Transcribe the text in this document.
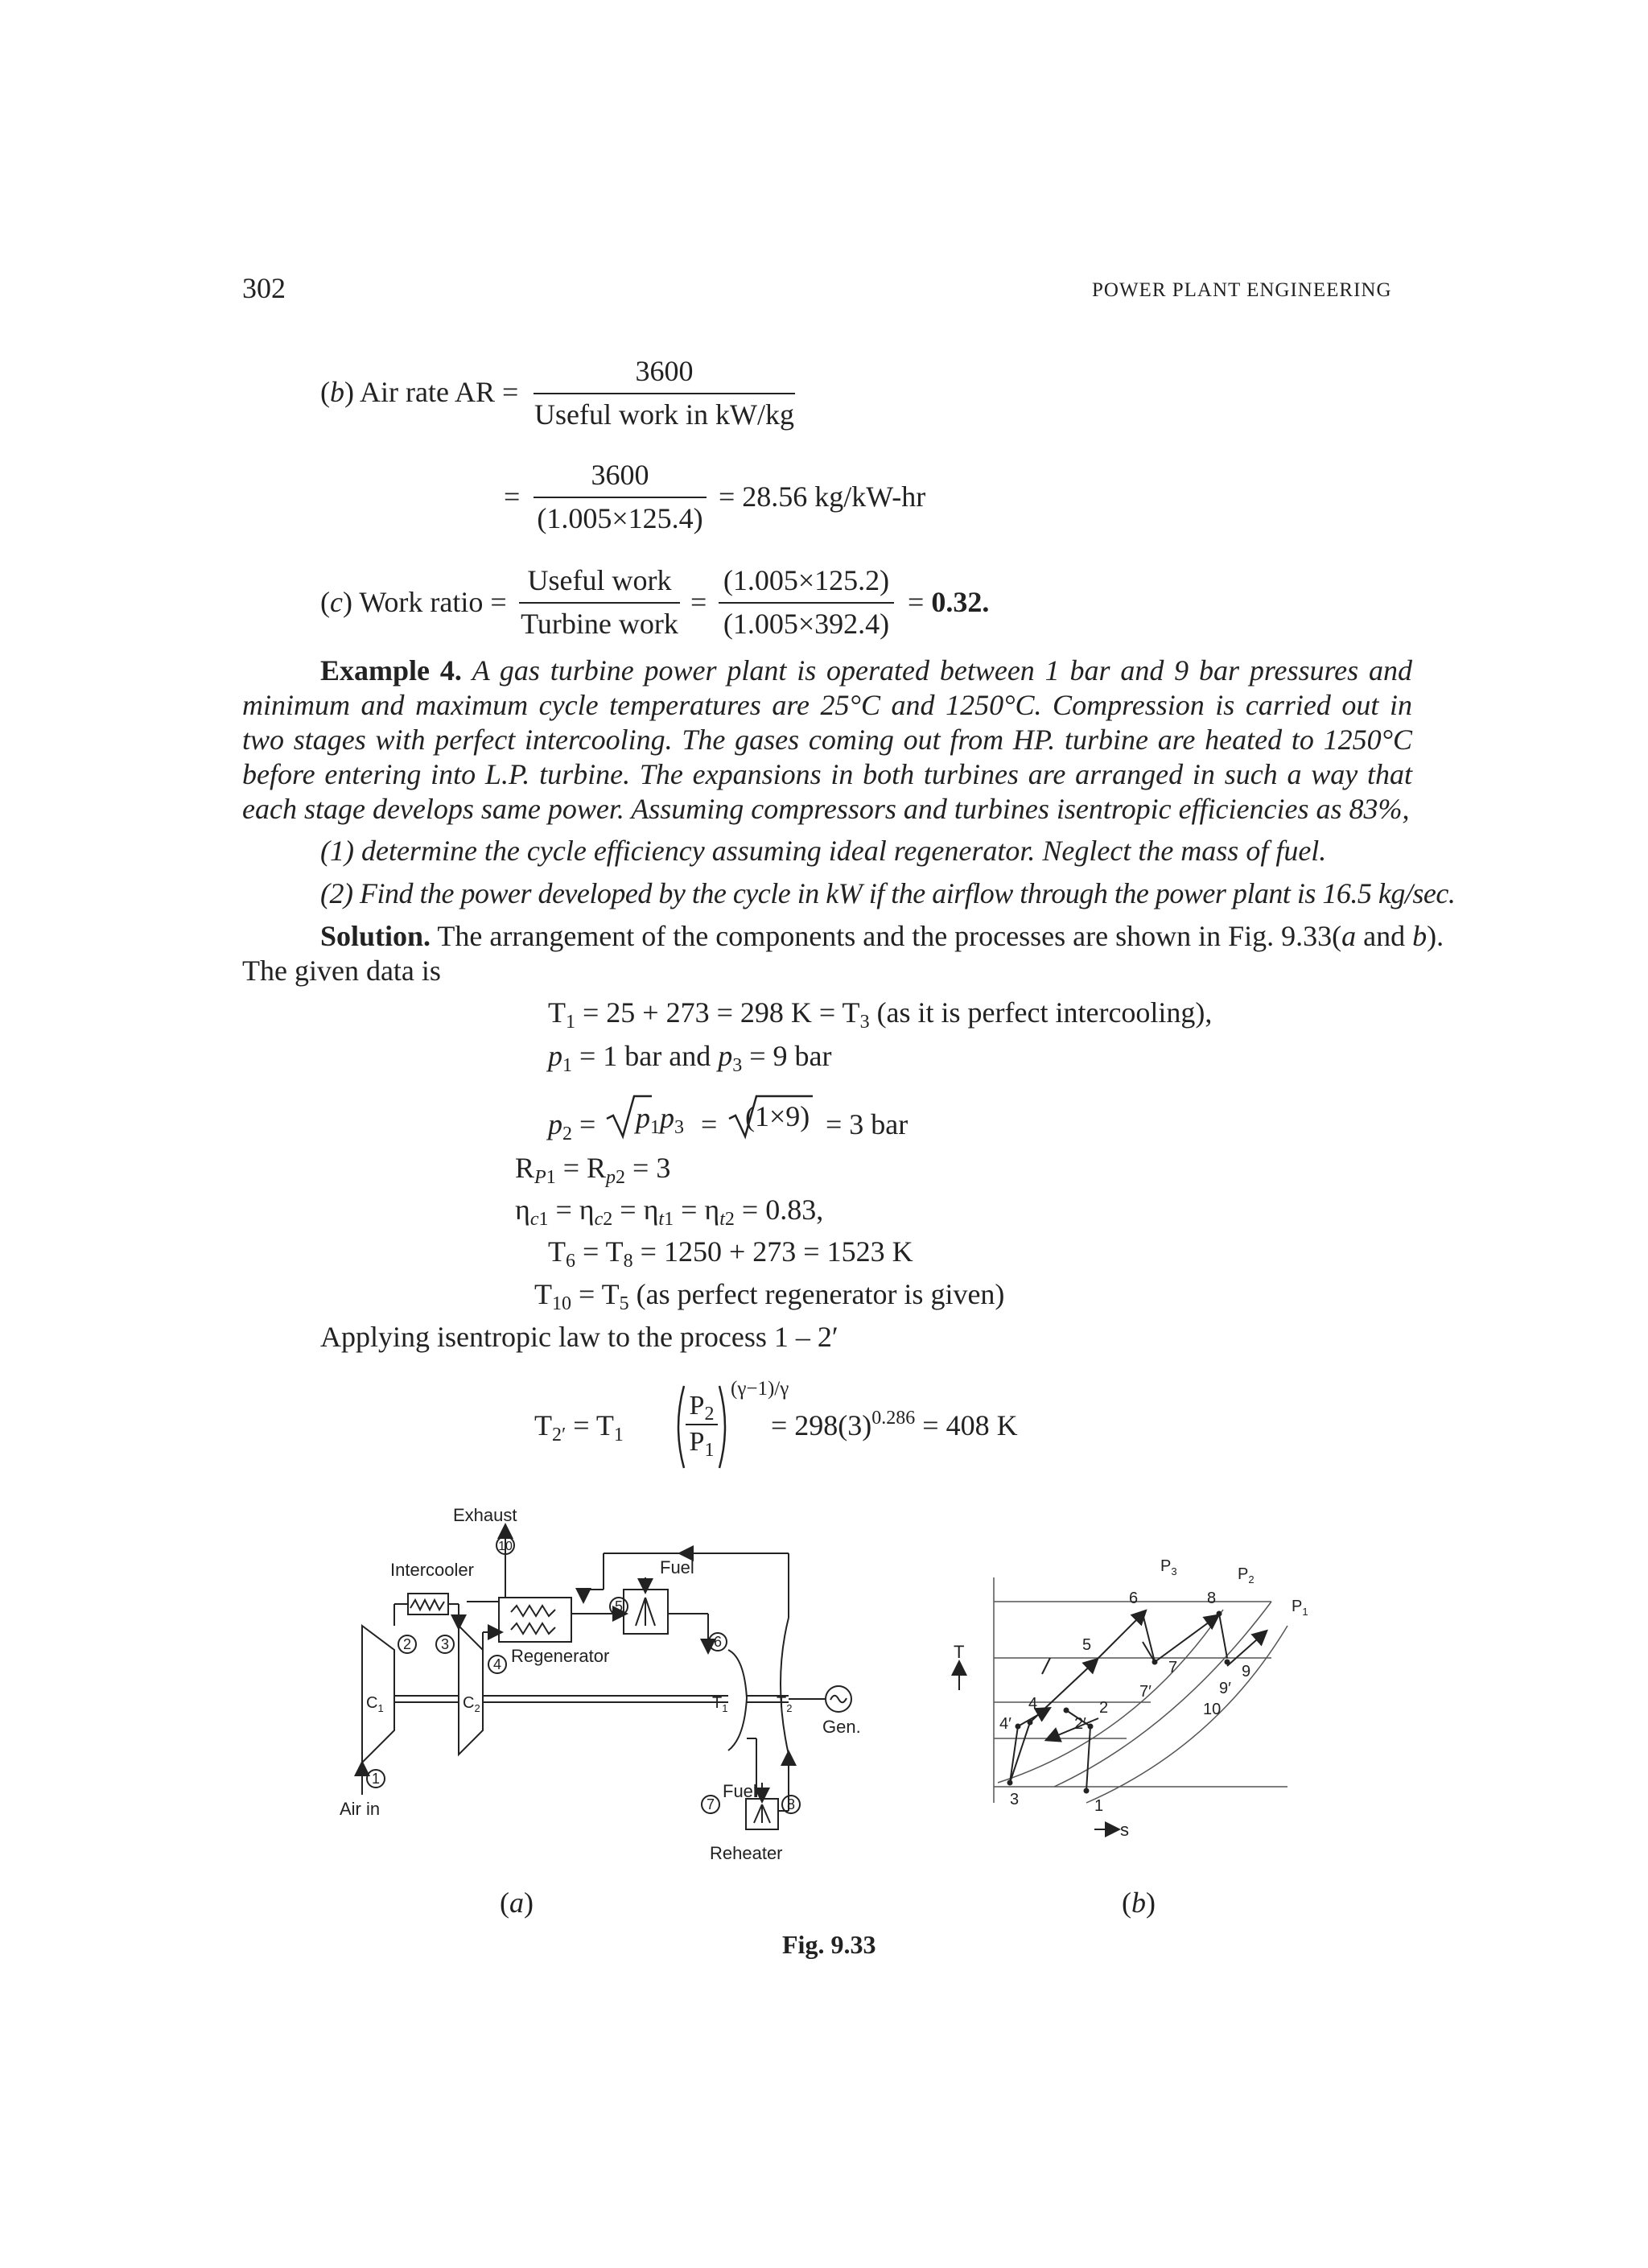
302	POWER PLANT ENGINEERING
(b) Air rate AR =
3600
Useful work in kW/kg
=
3600
(1.005×125.4)
= 28.56 kg/kW-hr
(c) Work ratio =
Useful work
Turbine work
=
(1.005×125.2)
(1.005×392.4)
= 0.32.
Example 4. A gas turbine power plant is operated between 1 bar and 9 bar pressures and minimum and maximum cycle temperatures are 25°C and 1250°C. Compression is carried out in two stages with perfect intercooling. The gases coming out from HP. turbine are heated to 1250°C before entering into L.P. turbine. The expansions in both turbines are arranged in such a way that each stage develops same power. Assuming compressors and turbines isentropic efficiencies as 83%,
(1) determine the cycle efficiency assuming ideal regenerator. Neglect the mass of fuel.
(2) Find the power developed by the cycle in kW if the airflow through the power plant is 16.5 kg/sec.
Solution. The arrangement of the components and the processes are shown in Fig. 9.33(a and b).
The given data is
$T_1 = 25 + 273 = 298$ $K = T_3$ (as it is perfect intercooling),
$p_1 = 1$ bar and $p_3 = 9$ bar
$p_2 = p_1p_3 = (1\times 9) = 3$ bar
$R_{P1} = R_{p2} = 3$
$\eta_{c1} = \eta_{c2} = \eta_{t1} = \eta_{t2} = 0.83$,
$T_6 = T_8 = 1250 + 273 = 1523$ K
$T_{10} = T_5$ (as perfect regenerator is given)
Applying isentropic law to the process 1 – 2′
$T_{2'} = T_1$
$P_2$
$P_1$
(γ−1)/γ
= $298(3)^{0.286} = 408$ K
Intercooler
Exhaust
Fuel
Regenerator
Fuel
Reheater
Air in
Gen.
$C_1$	$C_2$	$T_1$	$T_2$
1
2 3
4
5
6
7	8
10
T
s
$P_3$	$P_2$
$P_1$
1
2
2′
3
4
4′
5
6
7
7′
8
9
9′
10
(a)	(b)
Fig. 9.33
